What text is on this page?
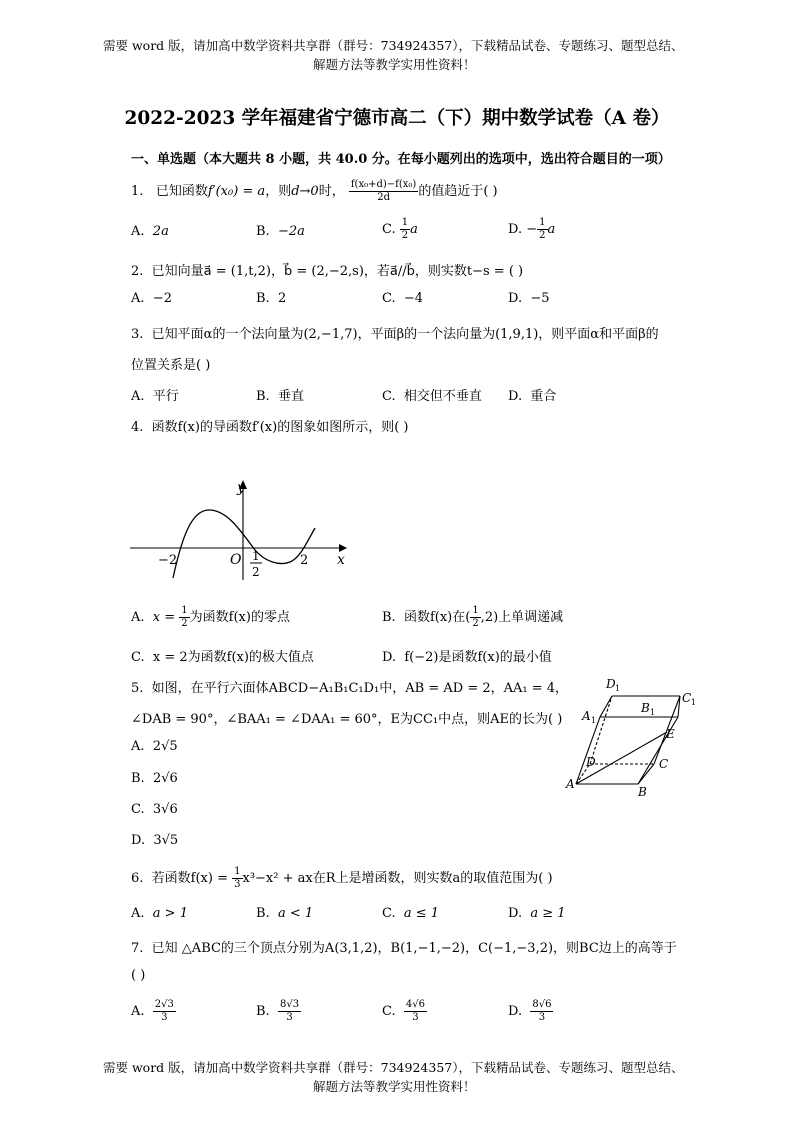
需要 word 版，请加高中数学资料共享群（群号：734924357），下载精品试卷、专题练习、题型总结、
解题方法等教学实用性资料！
2022-2023 学年福建省宁德市高二（下）期中数学试卷（A 卷）
一、单选题（本大题共 8 小题，共 40.0 分。在每小题列出的选项中，选出符合题目的一项）
1. 已知函数f′(x₀) = a，则d→0时， $\frac{\text{f(x₀+d)−f(x₀)}}{2d}$ 的值趋近于( )
A. 2a	B. −2a	C. $\frac{1}{2}$ a	D. − $\frac{1}{2}$ a
2. 已知向量a⃗ = (1,t,2)，b⃗ = (2,−2,s)，若a⃗//b⃗，则实数t−s = ( )
A. −2	B. 2	C. −4	D. −5
3. 已知平面α的一个法向量为(2,−1,7)，平面β的一个法向量为(1,9,1)，则平面α和平面β的
位置关系是( )
A. 平行	B. 垂直	C. 相交但不垂直 D. 重合
4. 函数f(x)的导函数f′(x)的图象如图所示，则( )
y
x
O
−2	1
2
2
A. $x = \frac{1}{2}$ 为函数f(x)的零点	B. 函数f(x)在( $\frac{1}{2} ,2$)上单调递减
C. x = 2为函数f(x)的极大值点	D. f(−2)是函数f(x)的最小值
5. 如图，在平行六面体ABCD−A₁B₁C₁D₁中，AB = AD = 2，AA₁ = 4，
∠DAB = 90°，∠BAA₁ = ∠DAA₁ = 60°，E为CC₁中点，则AE的长为( )
A. 2√5
B. 2√6
C. 3√6
D. 3√5
D 1
C 1
A 1
B 1
E
D	C
A
B
6. 若函数$f(x) = \frac{1}{3} x^3-x^2$ + ax在R上是增函数，则实数a的取值范围为( )
A. a > 1	B. a < 1	C. a ≤ 1	D. a ≥ 1
7. 已知 △ABC的三个顶点分别为A(3,1,2)，B(1,−1,−2)，C(−1,−3,2)，则BC边上的高等于
( )
A. $\frac{2√3}{3}$	B. $\frac{8√3}{3}$	C. $\frac{4√6}{3}$	D. $\frac{8√6}{3}$
需要 word 版，请加高中数学资料共享群（群号：734924357），下载精品试卷、专题练习、题型总结、
解题方法等教学实用性资料！
